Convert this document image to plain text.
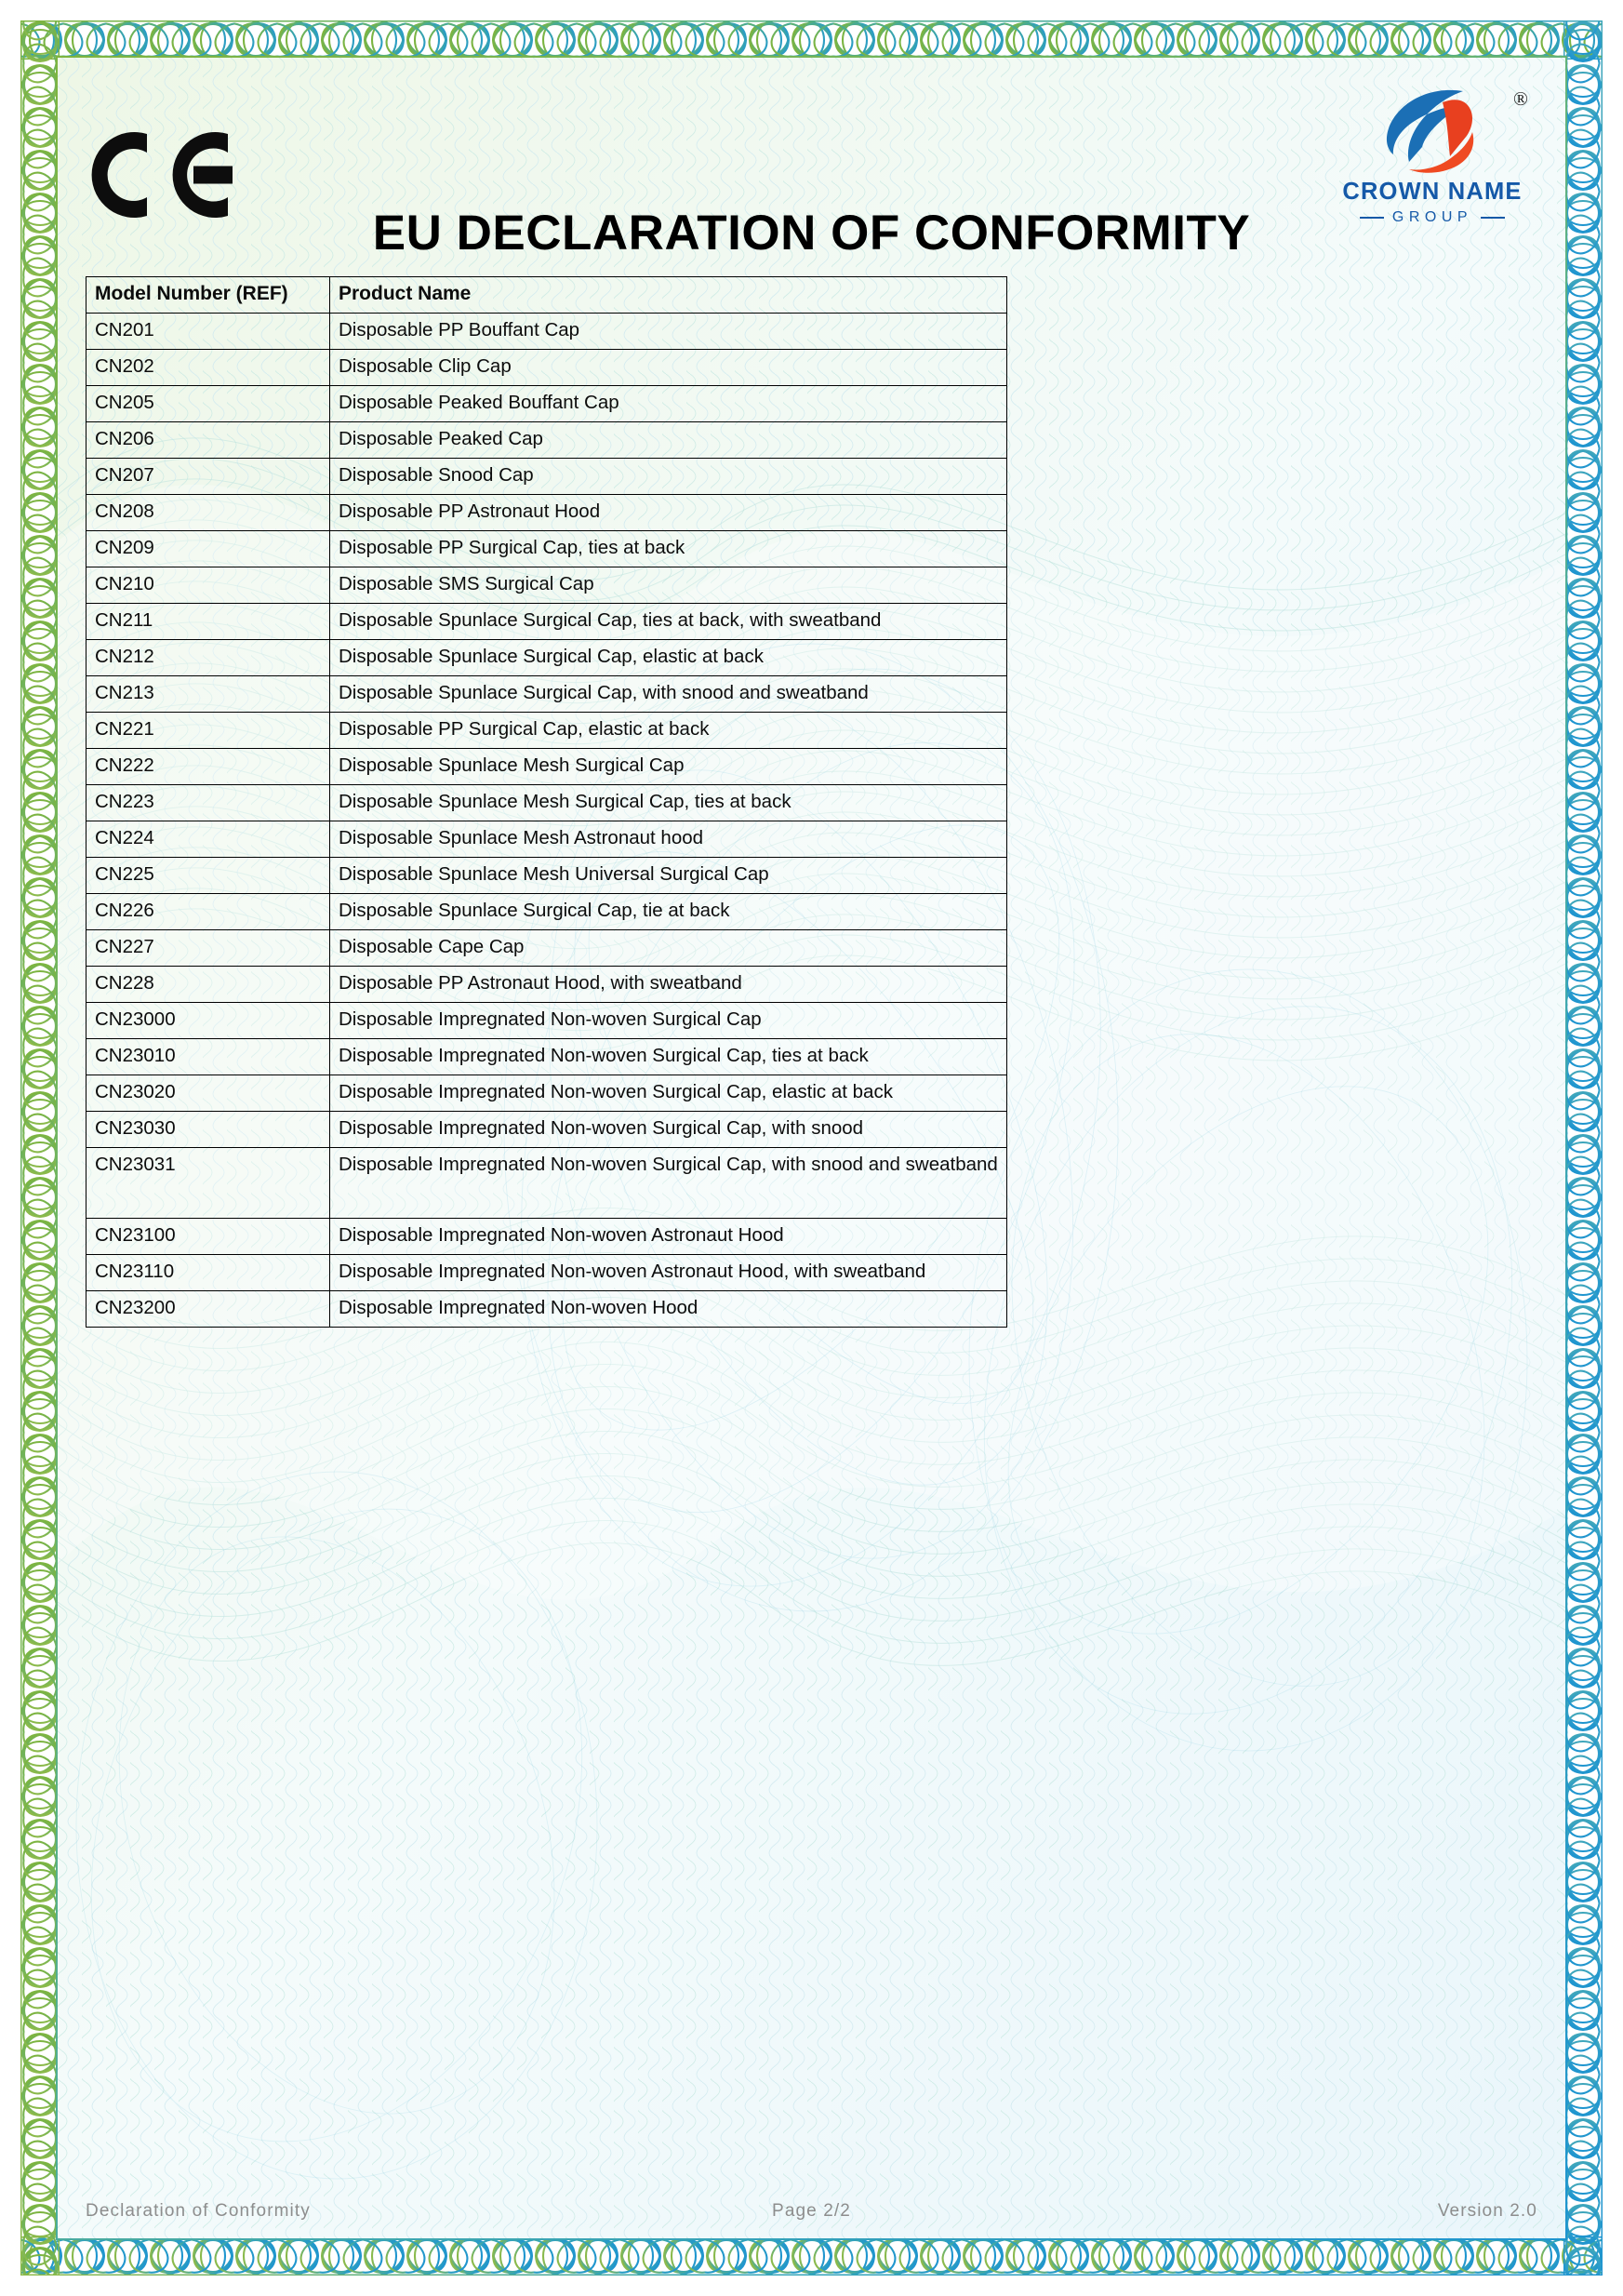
®
CROWN NAME
GROUP
EU DECLARATION OF CONFORMITY
Model Number (REF)	Product Name
CN201	Disposable PP Bouffant Cap
CN202	Disposable Clip Cap
CN205	Disposable Peaked Bouffant Cap
CN206	Disposable Peaked Cap
CN207	Disposable Snood Cap
CN208	Disposable PP Astronaut Hood
CN209	Disposable PP Surgical Cap, ties at back
CN210	Disposable SMS Surgical Cap
CN211	Disposable Spunlace Surgical Cap, ties at back, with sweatband
CN212	Disposable Spunlace Surgical Cap, elastic at back
CN213	Disposable Spunlace Surgical Cap, with snood and sweatband
CN221	Disposable PP Surgical Cap, elastic at back
CN222	Disposable Spunlace Mesh Surgical Cap
CN223	Disposable Spunlace Mesh Surgical Cap, ties at back
CN224	Disposable Spunlace Mesh Astronaut hood
CN225	Disposable Spunlace Mesh Universal Surgical Cap
CN226	Disposable Spunlace Surgical Cap, tie at back
CN227	Disposable Cape Cap
CN228	Disposable PP Astronaut Hood, with sweatband
CN23000	Disposable Impregnated Non-woven Surgical Cap
CN23010	Disposable Impregnated Non-woven Surgical Cap, ties at back
CN23020	Disposable Impregnated Non-woven Surgical Cap, elastic at back
CN23030	Disposable Impregnated Non-woven Surgical Cap, with snood
CN23031	Disposable Impregnated Non-woven Surgical Cap, with snood and sweatband
CN23100	Disposable Impregnated Non-woven Astronaut Hood
CN23110	Disposable Impregnated Non-woven Astronaut Hood, with sweatband
CN23200	Disposable Impregnated Non-woven Hood
Declaration of Conformity	Page 2/2	Version 2.0
